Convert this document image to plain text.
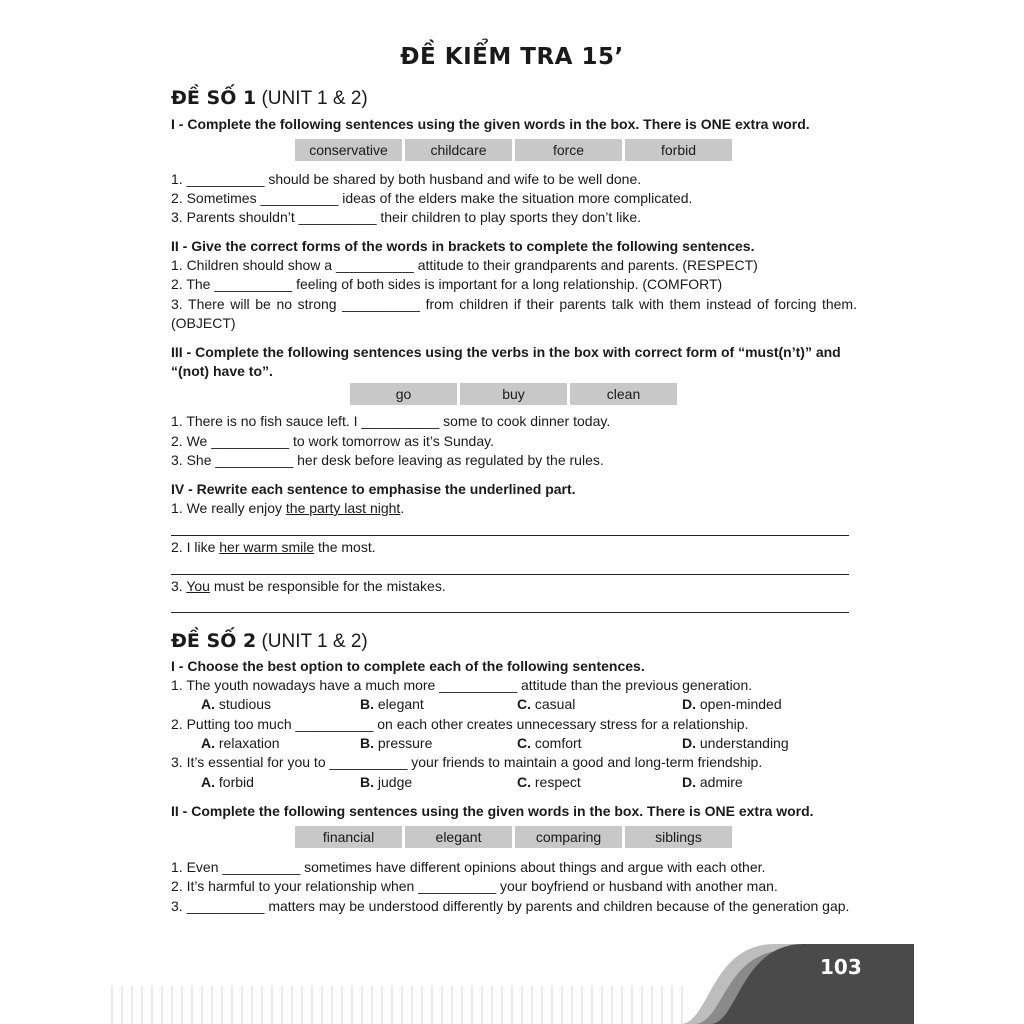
ĐỀ KIỂM TRA 15’
ĐỀ SỐ 1 (UNIT 1 & 2)
I - Complete the following sentences using the given words in the box. There is ONE extra word.
conservative	childcare	force	forbid
1. __________ should be shared by both husband and wife to be well done.
2. Sometimes __________ ideas of the elders make the situation more complicated.
3. Parents shouldn’t __________ their children to play sports they don’t like.
II - Give the correct forms of the words in brackets to complete the following sentences.
1. Children should show a __________ attitude to their grandparents and parents. (RESPECT)
2. The __________ feeling of both sides is important for a long relationship. (COMFORT)
3. There will be no strong __________ from children if their parents talk with them instead of forcing them.
(OBJECT)
III - Complete the following sentences using the verbs in the box with correct form of “must(n’t)” and
“(not) have to”.
go	buy	clean
1. There is no fish sauce left. I __________ some to cook dinner today.
2. We __________ to work tomorrow as it’s Sunday.
3. She __________ her desk before leaving as regulated by the rules.
IV - Rewrite each sentence to emphasise the underlined part.
1. We really enjoy the party last night.
2. I like her warm smile the most.
3. You must be responsible for the mistakes.
ĐỀ SỐ 2 (UNIT 1 & 2)
I - Choose the best option to complete each of the following sentences.
1. The youth nowadays have a much more __________ attitude than the previous generation.
A. studious	B. elegant	C. casual	D. open-minded
2. Putting too much __________ on each other creates unnecessary stress for a relationship.
A. relaxation	B. pressure	C. comfort	D. understanding
3. It’s essential for you to __________ your friends to maintain a good and long-term friendship.
A. forbid	B. judge	C. respect	D. admire
II - Complete the following sentences using the given words in the box. There is ONE extra word.
financial	elegant	comparing	siblings
1. Even __________ sometimes have different opinions about things and argue with each other.
2. It’s harmful to your relationship when __________ your boyfriend or husband with another man.
3. __________ matters may be understood differently by parents and children because of the generation gap.
103
